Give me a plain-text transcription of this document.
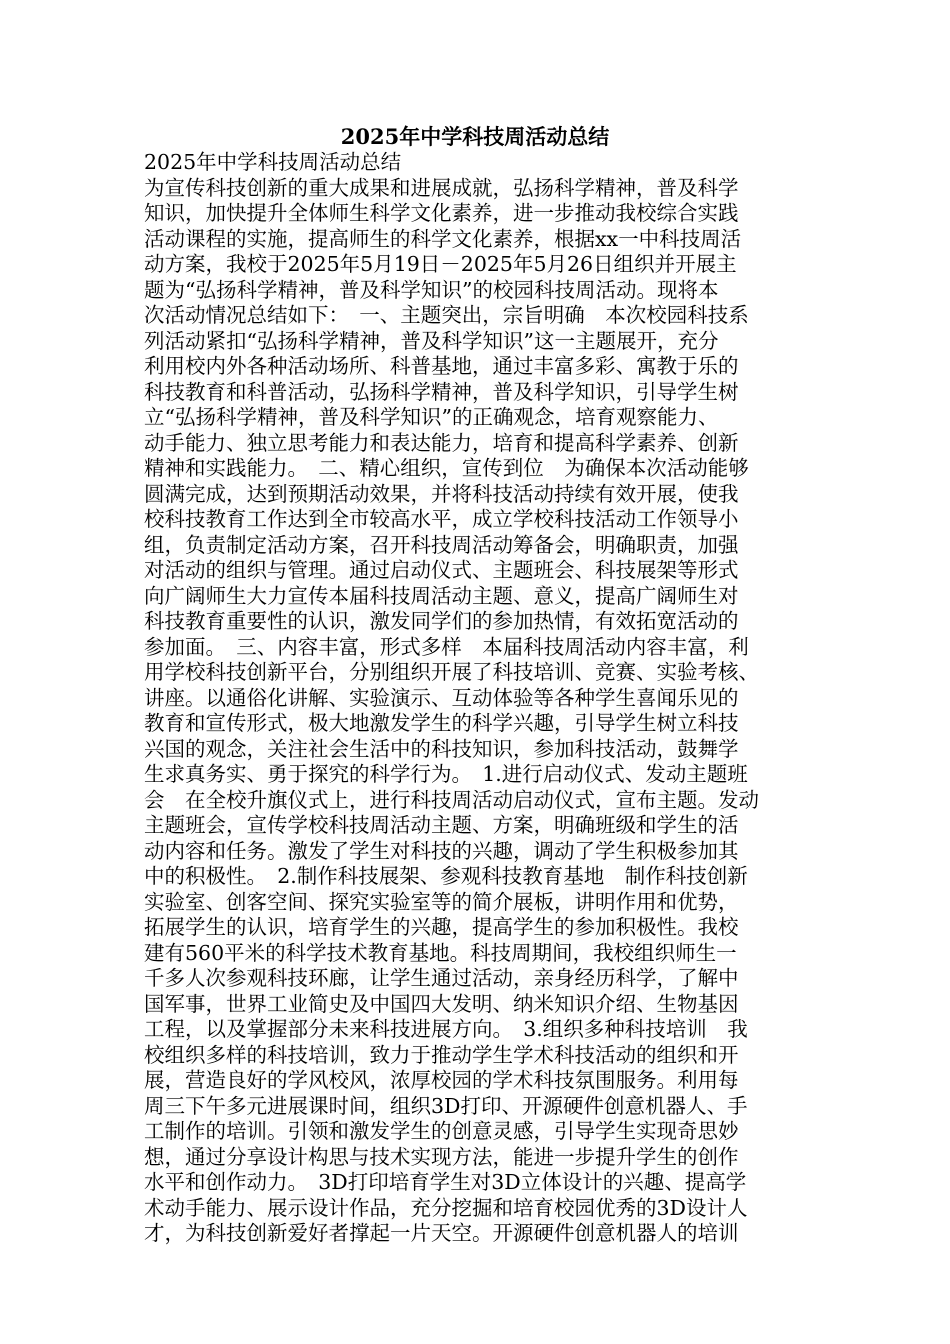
2025年中学科技周活动总结
2025年中学科技周活动总结
为宣传科技创新的重大成果和进展成就，弘扬科学精神，普及科学
知识，加快提升全体师生科学文化素养，进一步推动我校综合实践
活动课程的实施，提高师生的科学文化素养，根据xx一中科技周活
动方案，我校于2025年5月19日－2025年5月26日组织并开展主
题为“弘扬科学精神，普及科学知识”的校园科技周活动。现将本
次活动情况总结如下：　一、主题突出，宗旨明确　本次校园科技系
列活动紧扣“弘扬科学精神，普及科学知识”这一主题展开，充分
利用校内外各种活动场所、科普基地，通过丰富多彩、寓教于乐的
科技教育和科普活动，弘扬科学精神，普及科学知识，引导学生树
立“弘扬科学精神，普及科学知识”的正确观念，培育观察能力、
动手能力、独立思考能力和表达能力，培育和提高科学素养、创新
精神和实践能力。　二、精心组织，宣传到位　为确保本次活动能够
圆满完成，达到预期活动效果，并将科技活动持续有效开展，使我
校科技教育工作达到全市较高水平，成立学校科技活动工作领导小
组，负责制定活动方案，召开科技周活动筹备会，明确职责，加强
对活动的组织与管理。通过启动仪式、主题班会、科技展架等形式
向广阔师生大力宣传本届科技周活动主题、意义，提高广阔师生对
科技教育重要性的认识，激发同学们的参加热情，有效拓宽活动的
参加面。　三、内容丰富，形式多样　本届科技周活动内容丰富，利
用学校科技创新平台，分别组织开展了科技培训、竞赛、实验考核、
讲座。以通俗化讲解、实验演示、互动体验等各种学生喜闻乐见的
教育和宣传形式，极大地激发学生的科学兴趣，引导学生树立科技
兴国的观念，关注社会生活中的科技知识，参加科技活动，鼓舞学
生求真务实、勇于探究的科学行为。　1.进行启动仪式、发动主题班
会　在全校升旗仪式上，进行科技周活动启动仪式，宣布主题。发动
主题班会，宣传学校科技周活动主题、方案，明确班级和学生的活
动内容和任务。激发了学生对科技的兴趣，调动了学生积极参加其
中的积极性。　2.制作科技展架、参观科技教育基地　制作科技创新
实验室、创客空间、探究实验室等的简介展板，讲明作用和优势，
拓展学生的认识，培育学生的兴趣，提高学生的参加积极性。我校
建有560平米的科学技术教育基地。科技周期间，我校组织师生一
千多人次参观科技环廊，让学生通过活动，亲身经历科学，了解中
国军事，世界工业简史及中国四大发明、纳米知识介绍、生物基因
工程，以及掌握部分未来科技进展方向。　3.组织多种科技培训　我
校组织多样的科技培训，致力于推动学生学术科技活动的组织和开
展，营造良好的学风校风，浓厚校园的学术科技氛围服务。利用每
周三下午多元进展课时间，组织3D打印、开源硬件创意机器人、手
工制作的培训。引领和激发学生的创意灵感，引导学生实现奇思妙
想，通过分享设计构思与技术实现方法，能进一步提升学生的创作
水平和创作动力。　3D打印培育学生对3D立体设计的兴趣、提高学
术动手能力、展示设计作品，充分挖掘和培育校园优秀的3D设计人
才，为科技创新爱好者撑起一片天空。开源硬件创意机器人的培训
